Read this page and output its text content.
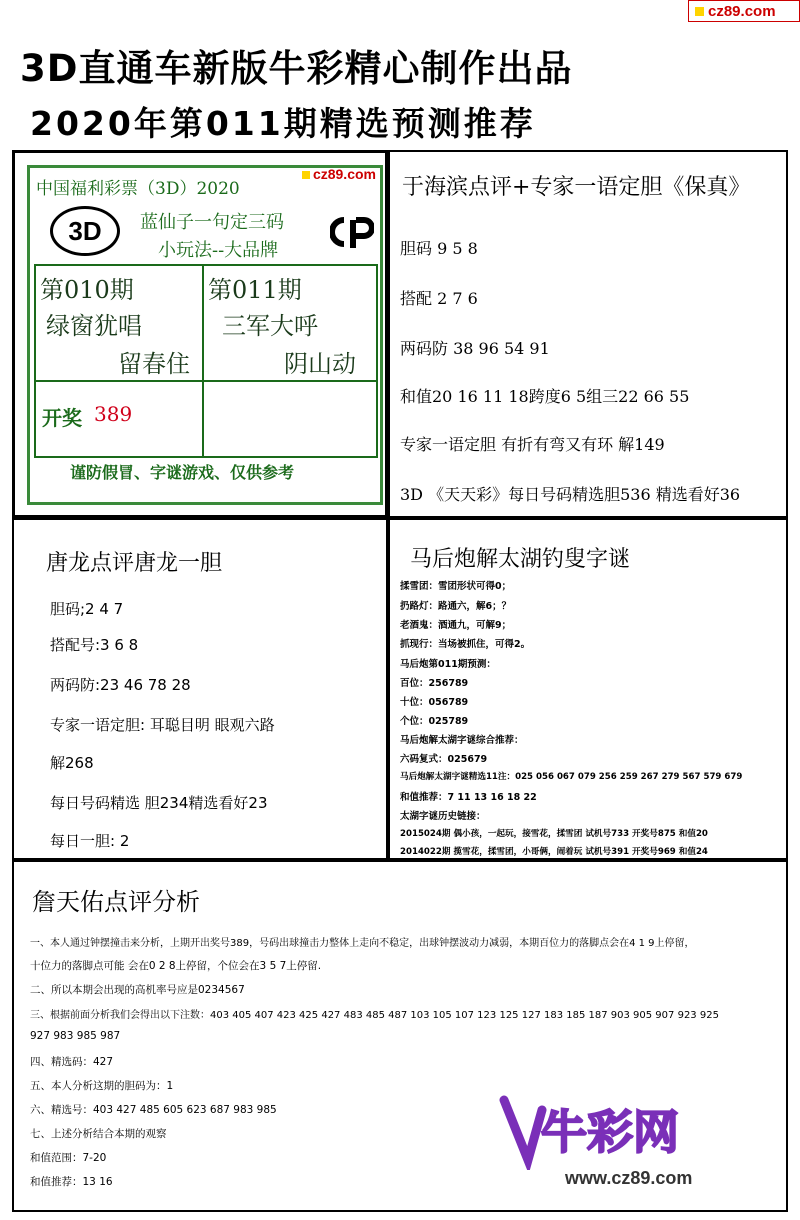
cz89.com
3D直通车新版牛彩精心制作出品
2020年第011期精选预测推荐
中国福利彩票（3D）2020
cz89.com
3D	蓝仙子一句定三码
小玩法--大品牌
第010期
绿窗犹唱
留春住
第011期
三军大呼
阴山动
开奖 389
谨防假冒、字谜游戏、仅供参考
于海滨点评+专家一语定胆《保真》
胆码 9 5 8
搭配 2 7 6
两码防 38 96 54 91
和值20 16 11 18跨度6 5组三22 66 55
专家一语定胆 有折有弯又有环 解149
3D 《天天彩》每日号码精选胆536 精选看好36
唐龙点评唐龙一胆
胆码;2 4 7
搭配号:3 6 8
两码防:23 46 78 28
专家一语定胆: 耳聪目明 眼观六路
解268
每日号码精选 胆234精选看好23
每日一胆: 2
马后炮解太湖钓叟字谜
揉雪团：雪团形状可得0；
扔路灯：路通六，解6；？
老酒鬼：酒通九，可解9；
抓现行：当场被抓住，可得2。
马后炮第011期预测：
百位：256789
十位：056789
个位：025789
马后炮解太湖字谜综合推荐：
六码复式：025679
马后炮解太湖字谜精选11注：025 056 067 079 256 259 267 279 567 579 679
和值推荐：7 11 13 16 18 22
太湖字谜历史链接：
2015024期 偶小孩，一起玩，接雪花，揉雪团 试机号733 开奖号875 和值20
2014022期 揽雪花，揉雪团，小哥俩，闹着玩 试机号391 开奖号969 和值24
詹天佑点评分析
一、本人通过钟摆撞击来分析，上期开出奖号389，号码出球撞击力整体上走向不稳定，出球钟摆波动力减弱，本期百位力的落脚点会在4 1 9上停留，
十位力的落脚点可能 会在0 2 8上停留，个位会在3 5 7上停留.
二、所以本期会出现的高机率号应是0234567
三、根据前面分析我们会得出以下注数：403 405 407 423 425 427 483 485 487 103 105 107 123 125 127 183 185 187 903 905 907 923 925
927 983 985 987
四、精选码：427
五、本人分析这期的胆码为：1
六、精选号：403 427 485 605 623 687 983 985
七、上述分析结合本期的观察
和值范围：7-20
和值推荐：13 16
牛彩网
www.cz89.com
